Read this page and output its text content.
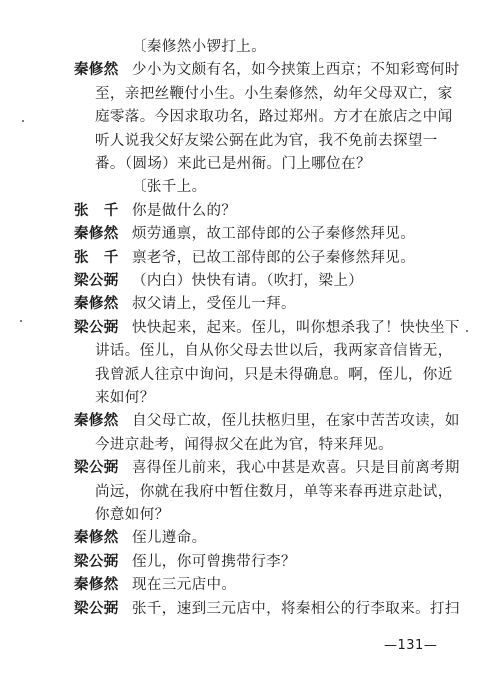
〔秦修然小锣打上。
秦修然 少小为文颇有名，如今挟策上西京；不知彩鸾何时
至，亲把丝鞭付小生。小生秦修然，幼年父母双亡，家
庭零落。今因求取功名，路过郑州。方才在旅店之中闻
听人说我父好友梁公弼在此为官，我不免前去探望一
番。（圆场）来此已是州衙。门上哪位在？
〔张千上。
张　千 你是做什么的？
秦修然 烦劳通禀，故工部侍郎的公子秦修然拜见。
张　千 禀老爷，已故工部侍郎的公子秦修然拜见。
梁公弼 （内白）快快有请。（吹打，梁上）
秦修然 叔父请上，受侄儿一拜。
梁公弼 快快起来，起来。侄儿，叫你想杀我了！快快坐下
讲话。侄儿，自从你父母去世以后，我两家音信皆无，
我曾派人往京中询问，只是未得确息。啊，侄儿，你近
来如何？
秦修然 自父母亡故，侄儿扶柩归里，在家中苦苦攻读，如
今进京赴考，闻得叔父在此为官，特来拜见。
梁公弼 喜得侄儿前来，我心中甚是欢喜。只是目前离考期
尚远，你就在我府中暂住数月，单等来春再进京赴试，
你意如何？
秦修然 侄儿遵命。
梁公弼 侄儿，你可曾携带行李？
秦修然 现在三元店中。
梁公弼 张千，速到三元店中，将秦相公的行李取来。打扫
—131—
